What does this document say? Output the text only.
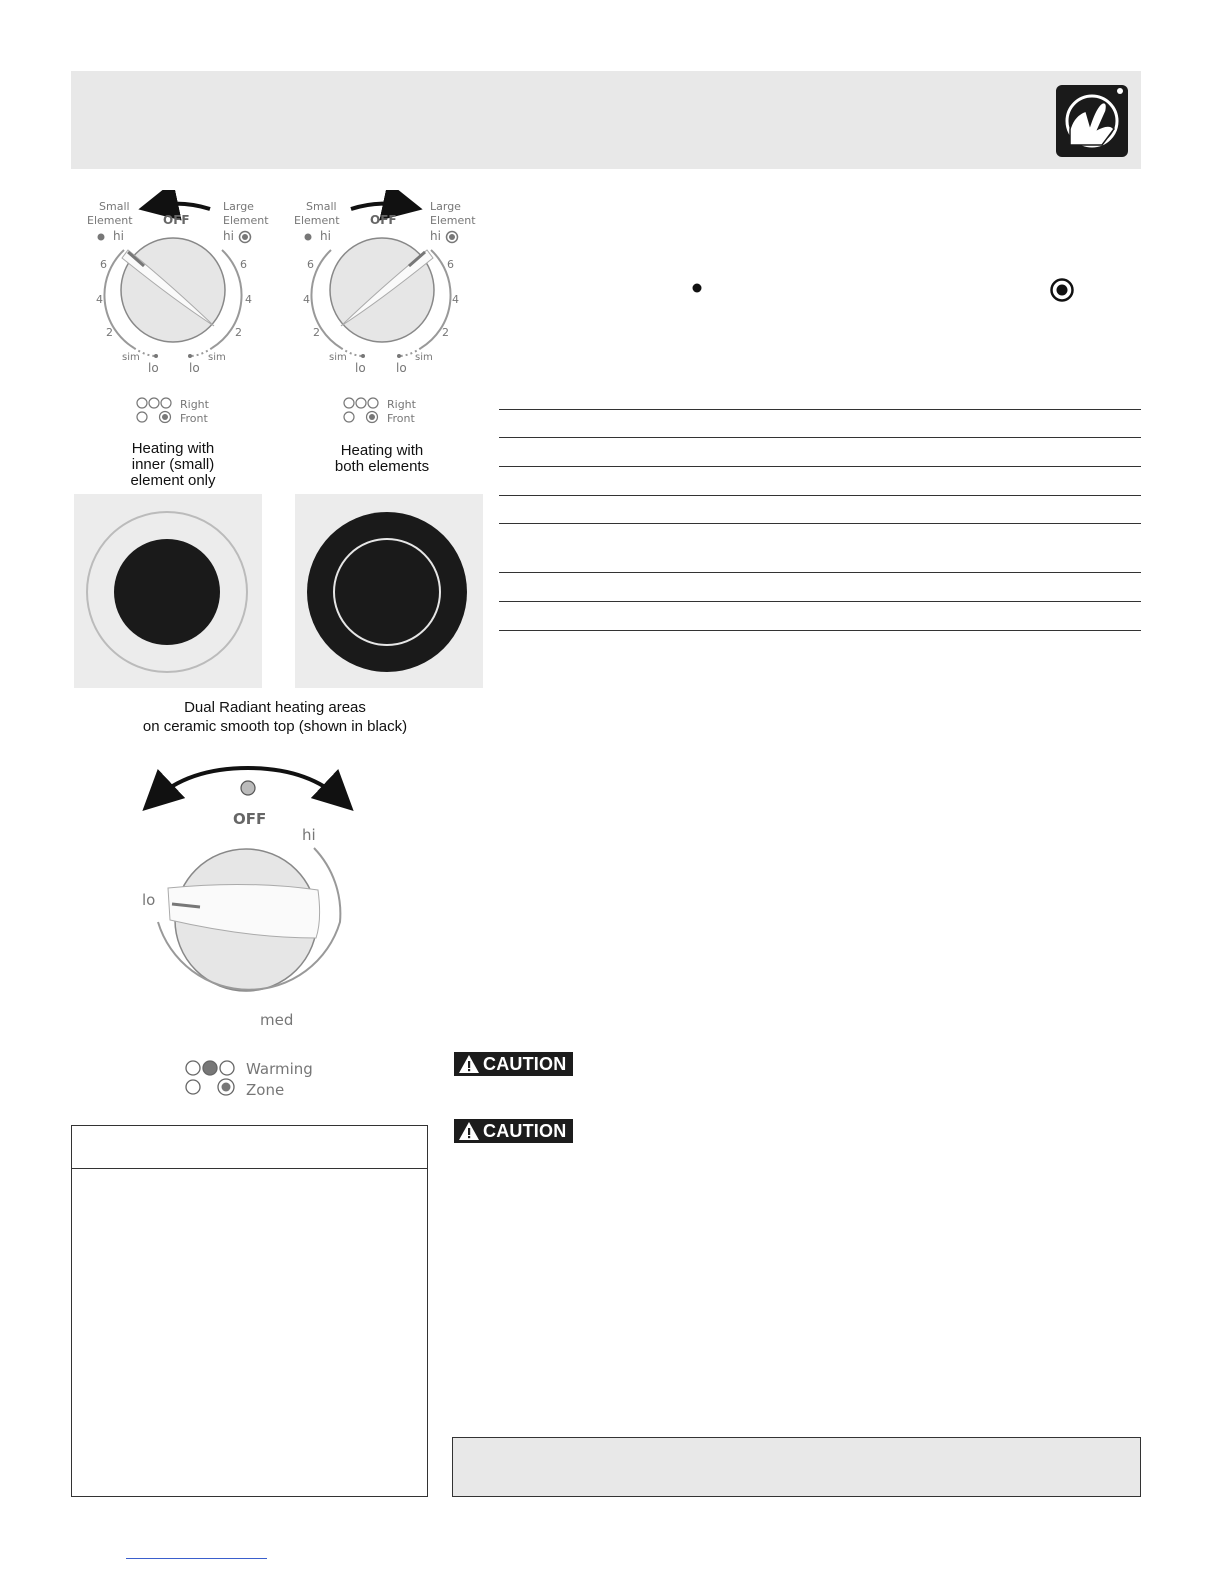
Small
Element
hi
OFF
Large
Element
hi
6
4
2
6
4
2
sim
lo	lo
sim
Right
Front
Heating with
inner (small)
element only
Small
Element
hi
OFF
Large
Element
hi
6
4
2
6
4
2
sim
lo	lo
sim
Right
Front
Heating with
both elements
Dual Radiant heating areas
on ceramic smooth top (shown in black)
OFF
hi
lo
med
Warming
Zone
CAUTION
CAUTION
